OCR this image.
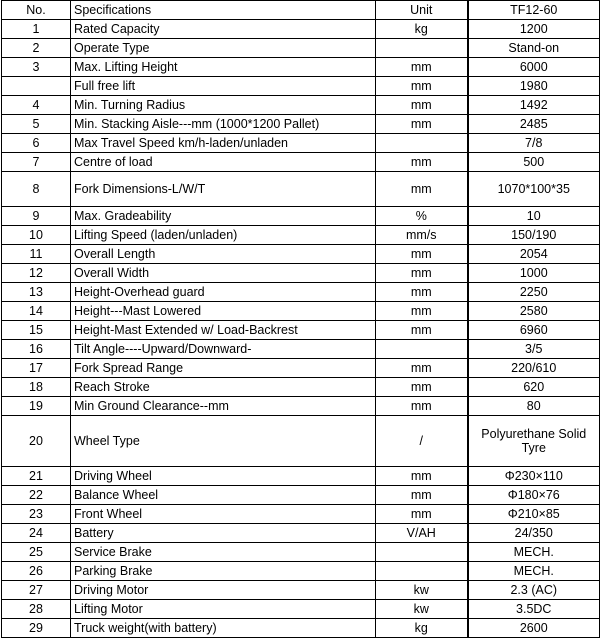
No.	Specifications	Unit	TF12-60
1	Rated Capacity	kg	1200
2	Operate Type		Stand-on
3	Max. Lifting Height	mm	6000
	Full free lift	mm	1980
4	Min. Turning Radius	mm	1492
5	Min. Stacking Aisle---mm (1000*1200 Pallet)	mm	2485
6	Max Travel Speed km/h-laden/unladen		7/8
7	Centre of load	mm	500
8	Fork Dimensions-L/W/T	mm	1070*100*35
9	Max. Gradeability	%	10
10	Lifting Speed (laden/unladen)	mm/s	150/190
11	Overall Length	mm	2054
12	Overall Width	mm	1000
13	Height-Overhead guard	mm	2250
14	Height---Mast Lowered	mm	2580
15	Height-Mast Extended w/ Load-Backrest	mm	6960
16	Tilt Angle----Upward/Downward-		3/5
17	Fork Spread Range	mm	220/610
18	Reach Stroke	mm	620
19	Min Ground Clearance--mm	mm	80
20	Wheel Type	/	Polyurethane Solid Tyre
21	Driving Wheel	mm	Φ230×110
22	Balance Wheel	mm	Φ180×76
23	Front Wheel	mm	Φ210×85
24	Battery	V/AH	24/350
25	Service Brake		MECH.
26	Parking Brake		MECH.
27	Driving Motor	kw	2.3 (AC)
28	Lifting Motor	kw	3.5DC
29	Truck weight(with battery)	kg	2600
